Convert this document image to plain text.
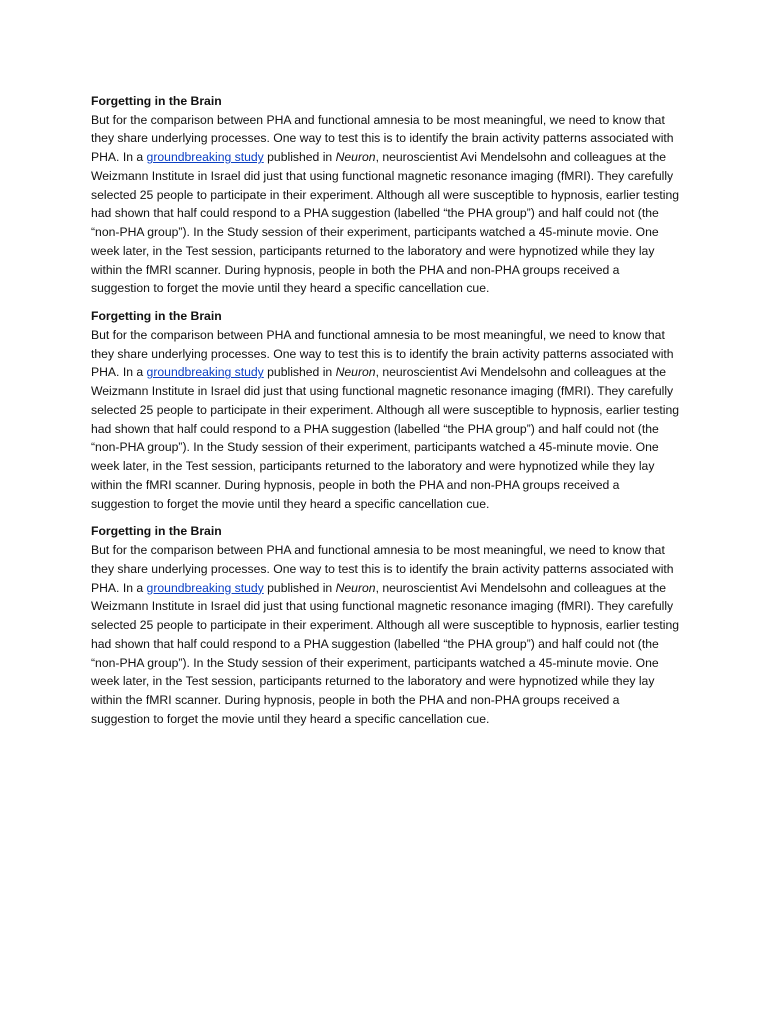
Forgetting in the Brain

But for the comparison between PHA and functional amnesia to be most meaningful, we need to know that they share underlying processes. One way to test this is to identify the brain activity patterns associated with PHA. In a groundbreaking study published in Neuron, neuroscientist Avi Mendelsohn and colleagues at the Weizmann Institute in Israel did just that using functional magnetic resonance imaging (fMRI). They carefully selected 25 people to participate in their experiment. Although all were susceptible to hypnosis, earlier testing had shown that half could respond to a PHA suggestion (labelled “the PHA group”) and half could not (the “non-PHA group”). In the Study session of their experiment, participants watched a 45-minute movie. One week later, in the Test session, participants returned to the laboratory and were hypnotized while they lay within the fMRI scanner. During hypnosis, people in both the PHA and non-PHA groups received a suggestion to forget the movie until they heard a specific cancellation cue.

Forgetting in the Brain

But for the comparison between PHA and functional amnesia to be most meaningful, we need to know that they share underlying processes. One way to test this is to identify the brain activity patterns associated with PHA. In a groundbreaking study published in Neuron, neuroscientist Avi Mendelsohn and colleagues at the Weizmann Institute in Israel did just that using functional magnetic resonance imaging (fMRI). They carefully selected 25 people to participate in their experiment. Although all were susceptible to hypnosis, earlier testing had shown that half could respond to a PHA suggestion (labelled “the PHA group”) and half could not (the “non-PHA group”). In the Study session of their experiment, participants watched a 45-minute movie. One week later, in the Test session, participants returned to the laboratory and were hypnotized while they lay within the fMRI scanner. During hypnosis, people in both the PHA and non-PHA groups received a suggestion to forget the movie until they heard a specific cancellation cue.

Forgetting in the Brain

But for the comparison between PHA and functional amnesia to be most meaningful, we need to know that they share underlying processes. One way to test this is to identify the brain activity patterns associated with PHA. In a groundbreaking study published in Neuron, neuroscientist Avi Mendelsohn and colleagues at the Weizmann Institute in Israel did just that using functional magnetic resonance imaging (fMRI). They carefully selected 25 people to participate in their experiment. Although all were susceptible to hypnosis, earlier testing had shown that half could respond to a PHA suggestion (labelled “the PHA group”) and half could not (the “non-PHA group”). In the Study session of their experiment, participants watched a 45-minute movie. One week later, in the Test session, participants returned to the laboratory and were hypnotized while they lay within the fMRI scanner. During hypnosis, people in both the PHA and non-PHA groups received a suggestion to forget the movie until they heard a specific cancellation cue.
